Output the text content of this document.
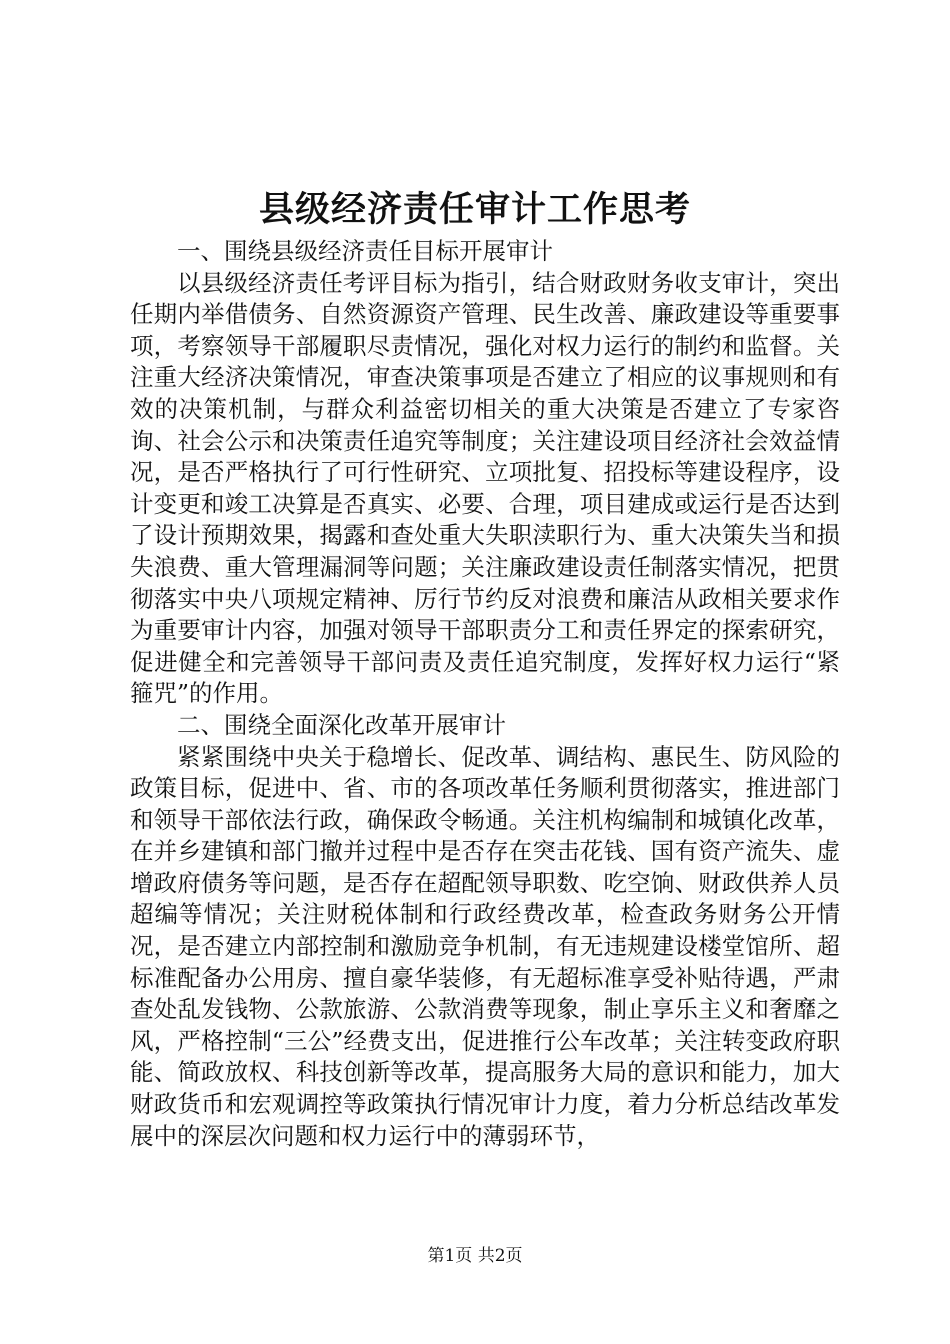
县级经济责任审计工作思考
一、围绕县级经济责任目标开展审计

以县级经济责任考评目标为指引，结合财政财务收支审计，突出任期内举借债务、自然资源资产管理、民生改善、廉政建设等重要事项，考察领导干部履职尽责情况，强化对权力运行的制约和监督。关注重大经济决策情况，审查决策事项是否建立了相应的议事规则和有效的决策机制，与群众利益密切相关的重大决策是否建立了专家咨询、社会公示和决策责任追究等制度；关注建设项目经济社会效益情况，是否严格执行了可行性研究、立项批复、招投标等建设程序，设计变更和竣工决算是否真实、必要、合理，项目建成或运行是否达到了设计预期效果，揭露和查处重大失职渎职行为、重大决策失当和损失浪费、重大管理漏洞等问题；关注廉政建设责任制落实情况，把贯彻落实中央八项规定精神、厉行节约反对浪费和廉洁从政相关要求作为重要审计内容，加强对领导干部职责分工和责任界定的探索研究，促进健全和完善领导干部问责及责任追究制度，发挥好权力运行“紧箍咒”的作用。

二、围绕全面深化改革开展审计

紧紧围绕中央关于稳增长、促改革、调结构、惠民生、防风险的政策目标，促进中、省、市的各项改革任务顺利贯彻落实，推进部门和领导干部依法行政，确保政令畅通。关注机构编制和城镇化改革，在并乡建镇和部门撤并过程中是否存在突击花钱、国有资产流失、虚增政府债务等问题，是否存在超配领导职数、吃空饷、财政供养人员超编等情况；关注财税体制和行政经费改革，检查政务财务公开情况，是否建立内部控制和激励竞争机制，有无违规建设楼堂馆所、超标准配备办公用房、擅自豪华装修，有无超标准享受补贴待遇，严肃查处乱发钱物、公款旅游、公款消费等现象，制止享乐主义和奢靡之风，严格控制“三公”经费支出，促进推行公车改革；关注转变政府职能、简政放权、科技创新等改革，提高服务大局的意识和能力，加大财政货币和宏观调控等政策执行情况审计力度，着力分析总结改革发展中的深层次问题和权力运行中的薄弱环节，

第1页 共2页
